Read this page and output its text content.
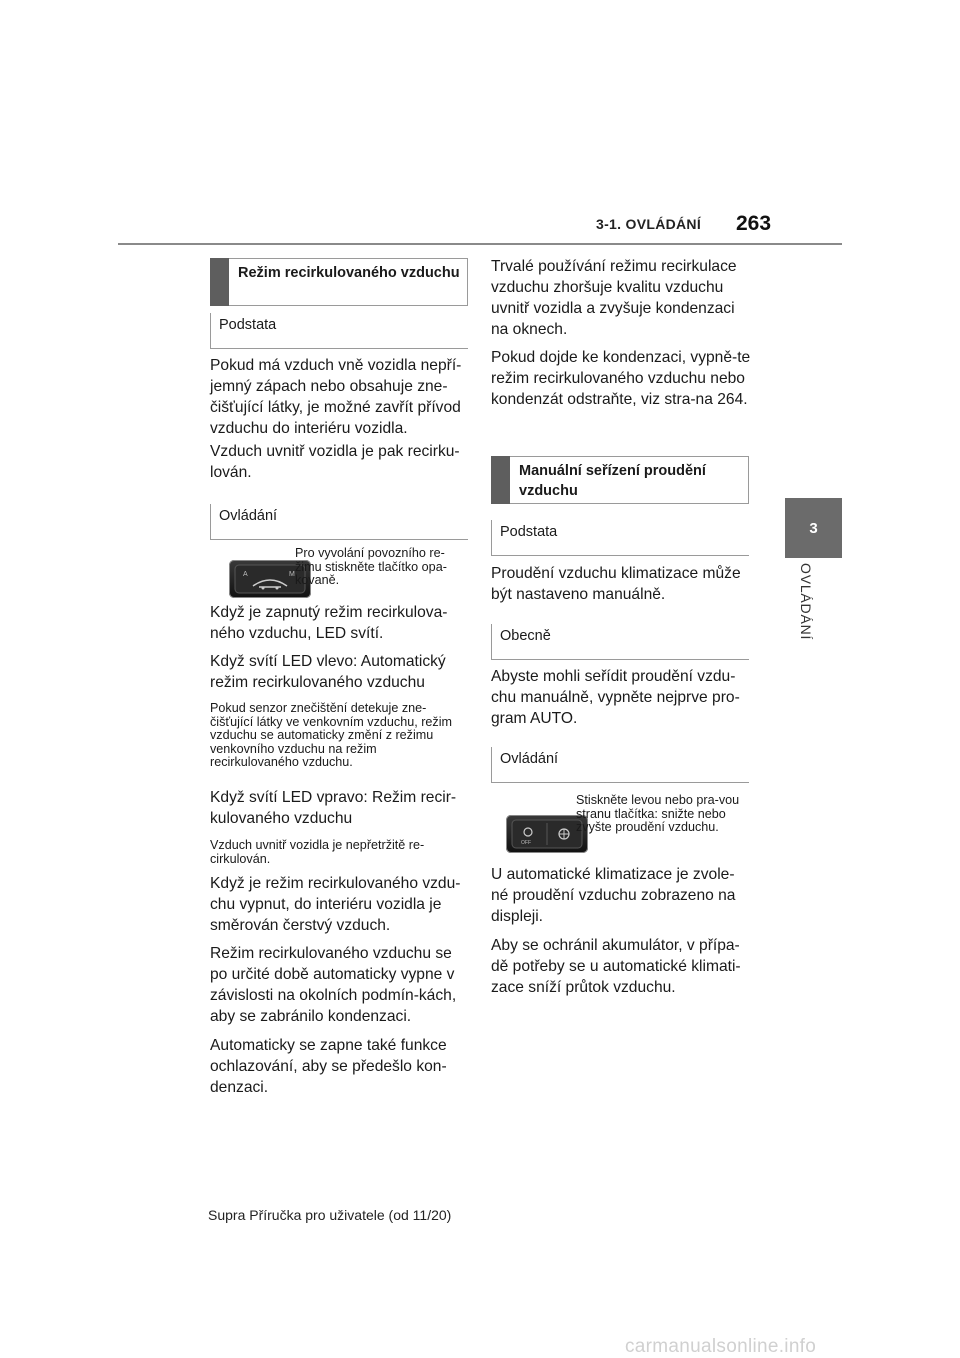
3-1. OVLÁDÁNÍ 263
3
OVLÁDÁNÍ
Režim recirkulovaného vzduchu
Podstata

Pokud má vzduch vně vozidla nepří-jemný zápach nebo obsahuje zne-čišťující látky, je možné zavřít přívod vzduchu do interiéru vozidla.

Vzduch uvnitř vozidla je pak recirku-lován.

Ovládání
A	M

Pro vyvolání povozního re-žimu stiskněte tlačítko opa-kovaně.

Když je zapnutý režim recirkulova-ného vzduchu, LED svítí.

Když svítí LED vlevo: Automatický režim recirkulovaného vzduchu

Pokud senzor znečištění detekuje zne-čišťující látky ve venkovním vzduchu, režim vzduchu se automaticky změní z režimu venkovního vzduchu na režim recirkulovaného vzduchu.

Když svítí LED vpravo: Režim recir-kulovaného vzduchu

Vzduch uvnitř vozidla je nepřetržitě re-cirkulován.

Když je režim recirkulovaného vzdu-chu vypnut, do interiéru vozidla je směrován čerstvý vzduch.

Režim recirkulovaného vzduchu se po určité době automaticky vypne v závislosti na okolních podmín-kách, aby se zabránilo kondenzaci.

Automaticky se zapne také funkce ochlazování, aby se předešlo kon-denzaci.

Trvalé používání režimu recirkulace vzduchu zhoršuje kvalitu vzduchu uvnitř vozidla a zvyšuje kondenzaci na oknech.

Pokud dojde ke kondenzaci, vypně-te režim recirkulovaného vzduchu nebo kondenzát odstraňte, viz stra-na 264.

Manuální seřízení proudění vzduchu
Podstata

Proudění vzduchu klimatizace může být nastaveno manuálně.

Obecně

Abyste mohli seřídit proudění vzdu-chu manuálně, vypněte nejprve pro-gram AUTO.

Ovládání
OFF

Stiskněte levou nebo pra-vou stranu tlačítka: snižte nebo zvyšte proudění vzduchu.

U automatické klimatizace je zvole-né proudění vzduchu zobrazeno na displeji.

Aby se ochránil akumulátor, v přípa-dě potřeby se u automatické klimati-zace sníží průtok vzduchu.

Supra Příručka pro uživatele (od 11/20)
carmanualsonline.info
